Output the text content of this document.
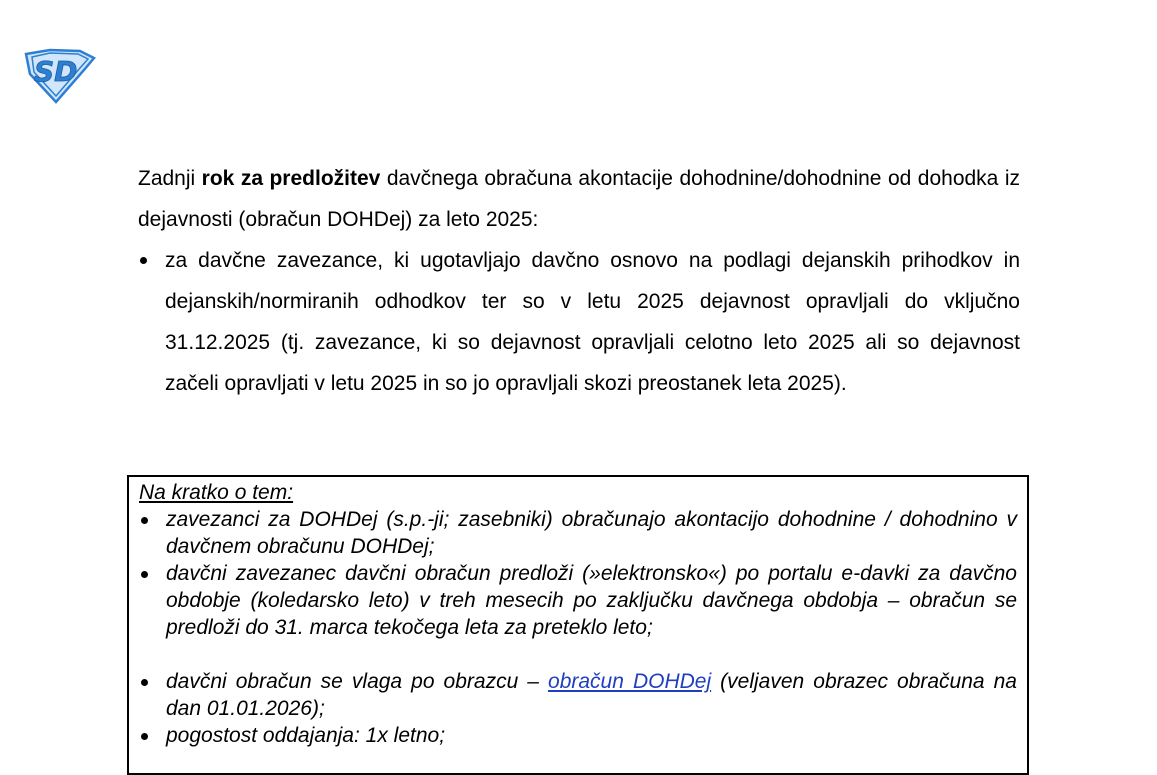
SD

Zadnji rok za predložitev davčnega obračuna akontacije dohodnine/dohodnine od dohodka iz dejavnosti (obračun DOHDej) za leto 2025:

za davčne zavezance, ki ugotavljajo davčno osnovo na podlagi dejanskih prihodkov in dejanskih/normiranih odhodkov ter so v letu 2025 dejavnost opravljali do vključno 31.12.2025 (tj. zavezance, ki so dejavnost opravljali celotno leto 2025 ali so dejavnost začeli opravljati v letu 2025 in so jo opravljali skozi preostanek leta 2025).

Na kratko o tem:

zavezanci za DOHDej (s.p.-ji; zasebniki) obračunajo akontacijo dohodnine / dohodnino v davčnem obračunu DOHDej;
davčni zavezanec davčni obračun predloži (»elektronsko«) po portalu e-davki za davčno obdobje (koledarsko leto) v treh mesecih po zaključku davčnega obdobja – obračun se predloži do 31. marca tekočega leta za preteklo leto;
davčni obračun se vlaga po obrazcu – obračun DOHDej (veljaven obrazec obračuna na dan 01.01.2026);
pogostost oddajanja: 1x letno;
